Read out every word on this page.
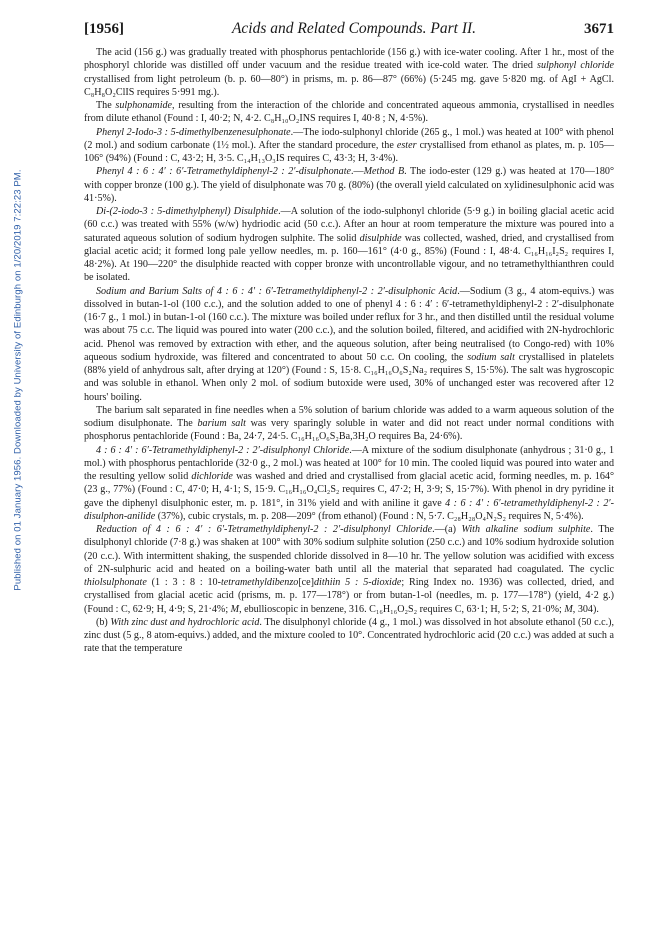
Published on 01 January 1956. Downloaded by University of Edinburgh on 1/20/2019 7:22:23 PM.
[1956]	Acids and Related Compounds. Part II.	3671

The acid (156 g.) was gradually treated with phosphorus pentachloride (156 g.) with ice-water cooling. After 1 hr., most of the phosphoryl chloride was distilled off under vacuum and the residue treated with ice-cold water. The dried sulphonyl chloride crystallised from light petroleum (b. p. 60—80°) in prisms, m. p. 86—87° (66%) (5·245 mg. gave 5·820 mg. of AgI + AgCl. C₈H₈O₂ClIS requires 5·991 mg.).

The sulphonamide, resulting from the interaction of the chloride and concentrated aqueous ammonia, crystallised in needles from dilute ethanol (Found : I, 40·2; N, 4·2. C₈H₁₀O₂INS requires I, 40·8 ; N, 4·5%).

Phenyl 2-Iodo-3 : 5-dimethylbenzenesulphonate.—The iodo-sulphonyl chloride (265 g., 1 mol.) was heated at 100° with phenol (2 mol.) and sodium carbonate (1½ mol.). After the standard procedure, the ester crystallised from ethanol as plates, m. p. 105—106° (94%) (Found : C, 43·2; H, 3·5. C₁₄H₁₃O₃IS requires C, 43·3; H, 3·4%).

Phenyl 4 : 6 : 4′ : 6′-Tetramethyldiphenyl-2 : 2′-disulphonate.—Method B. The iodo-ester (129 g.) was heated at 170—180° with copper bronze (100 g.). The yield of disulphonate was 70 g. (80%) (the overall yield calculated on xylidinesulphonic acid was 41·5%).

Di-(2-iodo-3 : 5-dimethylphenyl) Disulphide.—A solution of the iodo-sulphonyl chloride (5·9 g.) in boiling glacial acetic acid (60 c.c.) was treated with 55% (w/w) hydriodic acid (50 c.c.). After an hour at room temperature the mixture was poured into a saturated aqueous solution of sodium hydrogen sulphite. The solid disulphide was collected, washed, dried, and crystallised from glacial acetic acid; it formed long pale yellow needles, m. p. 160—161° (4·0 g., 85%) (Found : I, 48·4. C₁₆H₁₆I₂S₂ requires I, 48·2%). At 190—220° the disulphide reacted with copper bronze with uncontrollable vigour, and no tetramethylthianthren could be isolated.

Sodium and Barium Salts of 4 : 6 : 4′ : 6′-Tetramethyldiphenyl-2 : 2′-disulphonic Acid.—Sodium (3 g., 4 atom-equivs.) was dissolved in butan-1-ol (100 c.c.), and the solution added to one of phenyl 4 : 6 : 4′ : 6′-tetramethyldiphenyl-2 : 2′-disulphonate (16·7 g., 1 mol.) in butan-1-ol (160 c.c.). The mixture was boiled under reflux for 3 hr., and then distilled until the residual volume was about 75 c.c. The liquid was poured into water (200 c.c.), and the solution boiled, filtered, and acidified with 2N-hydrochloric acid. Phenol was removed by extraction with ether, and the aqueous solution, after being neutralised (to Congo-red) with 10% aqueous sodium hydroxide, was filtered and concentrated to about 50 c.c. On cooling, the sodium salt crystallised in platelets (88% yield of anhydrous salt, after drying at 120°) (Found : S, 15·8. C₁₆H₁₆O₆S₂Na₂ requires S, 15·5%). The salt was hygroscopic and was soluble in ethanol. When only 2 mol. of sodium butoxide were used, 30% of unchanged ester was recovered after 12 hours' boiling.

The barium salt separated in fine needles when a 5% solution of barium chloride was added to a warm aqueous solution of the sodium disulphonate. The barium salt was very sparingly soluble in water and did not react under normal conditions with phosphorus pentachloride (Found : Ba, 24·7, 24·5. C₁₆H₁₆O₆S₂Ba,3H₂O requires Ba, 24·6%).

4 : 6 : 4′ : 6′-Tetramethyldiphenyl-2 : 2′-disulphonyl Chloride.—A mixture of the sodium disulphonate (anhydrous ; 31·0 g., 1 mol.) with phosphorus pentachloride (32·0 g., 2 mol.) was heated at 100° for 10 min. The cooled liquid was poured into water and the resulting yellow solid dichloride was washed and dried and crystallised from glacial acetic acid, forming needles, m. p. 164° (23 g., 77%) (Found : C, 47·0; H, 4·1; S, 15·9. C₁₆H₁₆O₄Cl₂S₂ requires C, 47·2; H, 3·9; S, 15·7%). With phenol in dry pyridine it gave the diphenyl disulphonic ester, m. p. 181°, in 31% yield and with aniline it gave 4 : 6 : 4′ : 6′-tetramethyldiphenyl-2 : 2′-disulphon-anilide (37%), cubic crystals, m. p. 208—209° (from ethanol) (Found : N, 5·7. C₂₈H₂₈O₄N₂S₂ requires N, 5·4%).

Reduction of 4 : 6 : 4′ : 6′-Tetramethyldiphenyl-2 : 2′-disulphonyl Chloride.—(a) With alkaline sodium sulphite. The disulphonyl chloride (7·8 g.) was shaken at 100° with 30% sodium sulphite solution (250 c.c.) and 10% sodium hydroxide solution (20 c.c.). With intermittent shaking, the suspended chloride dissolved in 8—10 hr. The yellow solution was acidified with excess of 2N-sulphuric acid and heated on a boiling-water bath until all the material that separated had coagulated. The cyclic thiolsulphonate (1 : 3 : 8 : 10-tetramethyldibenzo[ce]dithiin 5 : 5-dioxide; Ring Index no. 1936) was collected, dried, and crystallised from glacial acetic acid (prisms, m. p. 177—178°) or from butan-1-ol (needles, m. p. 177—178°) (yield, 4·2 g.) (Found : C, 62·9; H, 4·9; S, 21·4%; M, ebullioscopic in benzene, 316. C₁₆H₁₆O₂S₂ requires C, 63·1; H, 5·2; S, 21·0%; M, 304).

(b) With zinc dust and hydrochloric acid. The disulphonyl chloride (4 g., 1 mol.) was dissolved in hot absolute ethanol (50 c.c.), zinc dust (5 g., 8 atom-equivs.) added, and the mixture cooled to 10°. Concentrated hydrochloric acid (20 c.c.) was added at such a rate that the temperature
